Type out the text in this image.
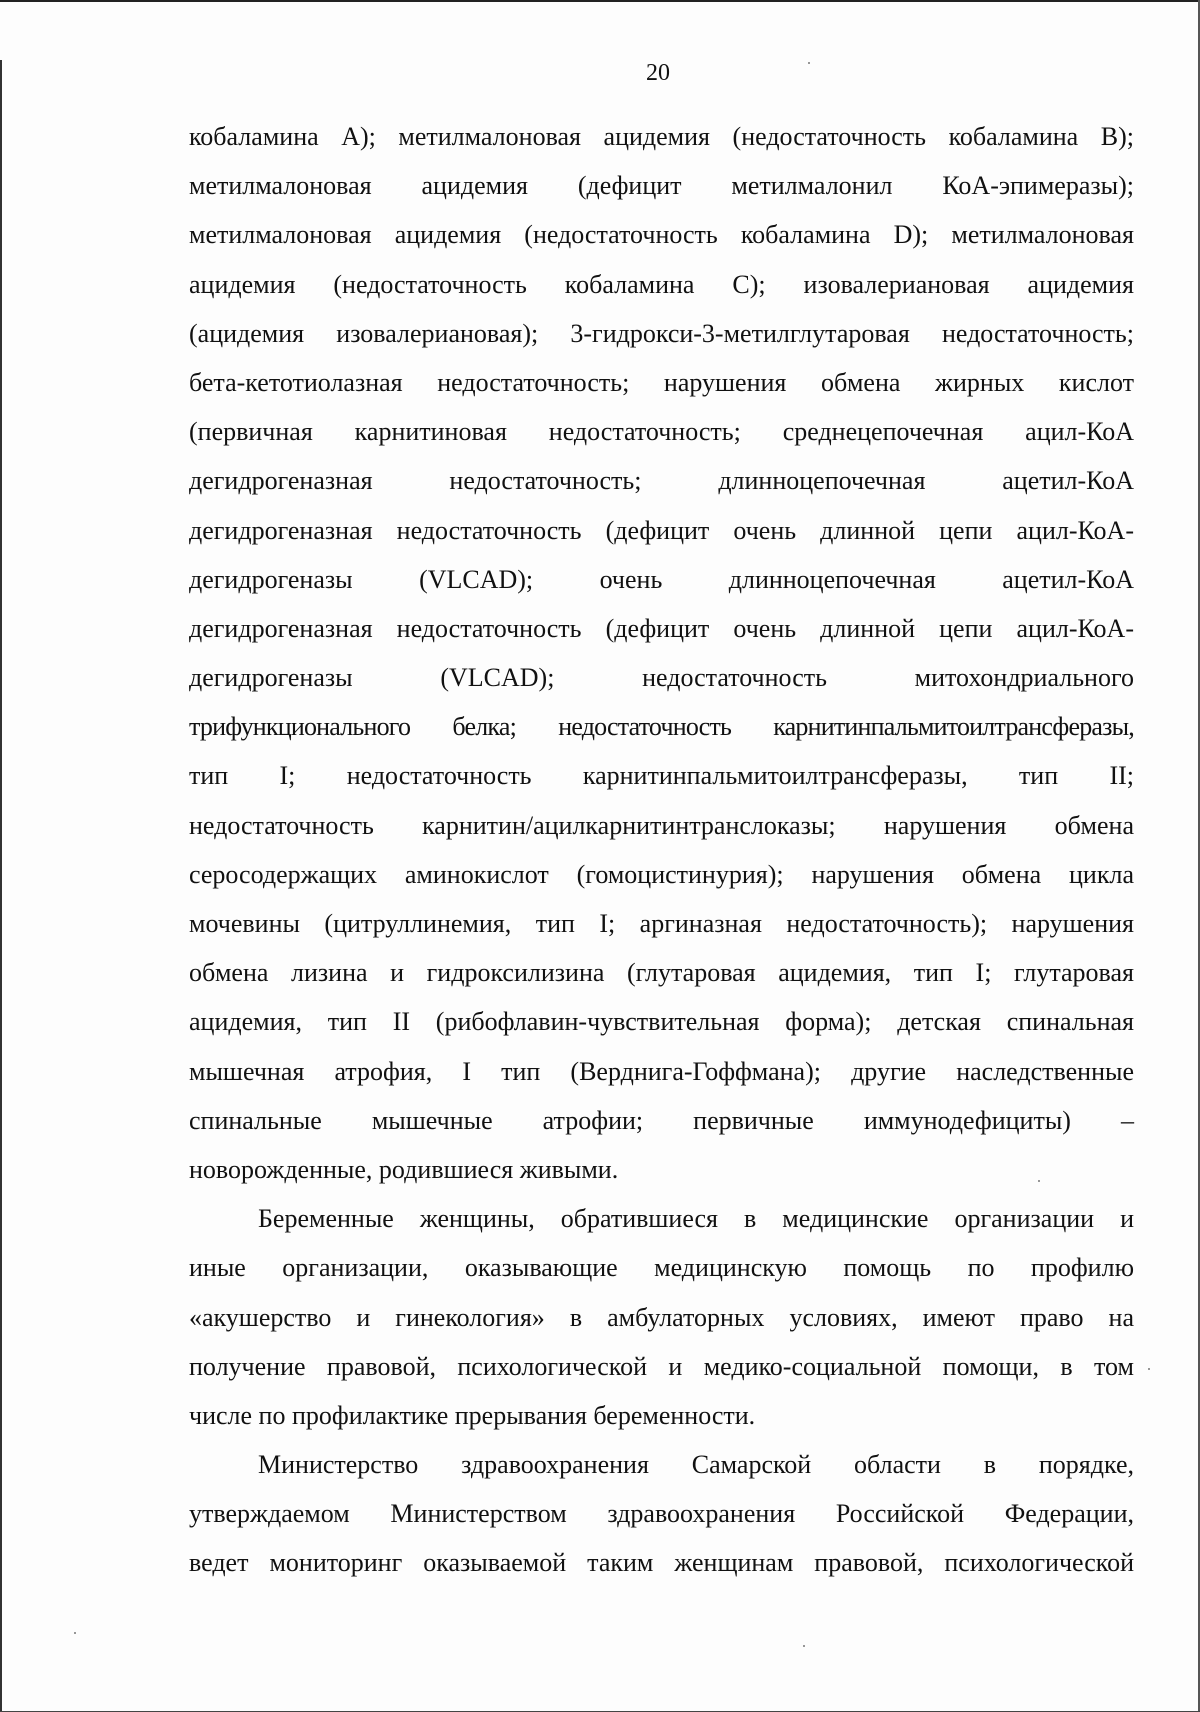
20
кобаламина А); метилмалоновая ацидемия (недостаточность кобаламина В);
метилмалоновая ацидемия (дефицит метилмалонил КоА-эпимеразы);
метилмалоновая ацидемия (недостаточность кобаламина D); метилмалоновая
ацидемия (недостаточность кобаламина С); изовалериановая ацидемия
(ацидемия изовалериановая); 3-гидрокси-3-метилглутаровая недостаточность;
бета-кетотиолазная недостаточность; нарушения обмена жирных кислот
(первичная карнитиновая недостаточность; среднецепочечная ацил-КоА
дегидрогеназная недостаточность; длинноцепочечная ацетил-КоА
дегидрогеназная недостаточность (дефицит очень длинной цепи ацил-КоА-
дегидрогеназы (VLCAD); очень длинноцепочечная ацетил-КоА
дегидрогеназная недостаточность (дефицит очень длинной цепи ацил-КоА-
дегидрогеназы (VLCAD); недостаточность митохондриального
трифункционального белка; недостаточность карнитинпальмитоилтрансферазы,
тип I; недостаточность карнитинпальмитоилтрансферазы, тип II;
недостаточность карнитин/ацилкарнитинтранслоказы; нарушения обмена
серосодержащих аминокислот (гомоцистинурия); нарушения обмена цикла
мочевины (цитруллинемия, тип I; аргиназная недостаточность); нарушения
обмена лизина и гидроксилизина (глутаровая ацидемия, тип I; глутаровая
ацидемия, тип II (рибофлавин-чувствительная форма); детская спинальная
мышечная атрофия, I тип (Верднига-Гоффмана); другие наследственные
спинальные мышечные атрофии; первичные иммунодефициты) –
новорожденные, родившиеся живыми.
Беременные женщины, обратившиеся в медицинские организации и
иные организации, оказывающие медицинскую помощь по профилю
«акушерство и гинекология» в амбулаторных условиях, имеют право на
получение правовой, психологической и медико-социальной помощи, в том
числе по профилактике прерывания беременности.
Министерство здравоохранения Самарской области в порядке,
утверждаемом Министерством здравоохранения Российской Федерации,
ведет мониторинг оказываемой таким женщинам правовой, психологической
